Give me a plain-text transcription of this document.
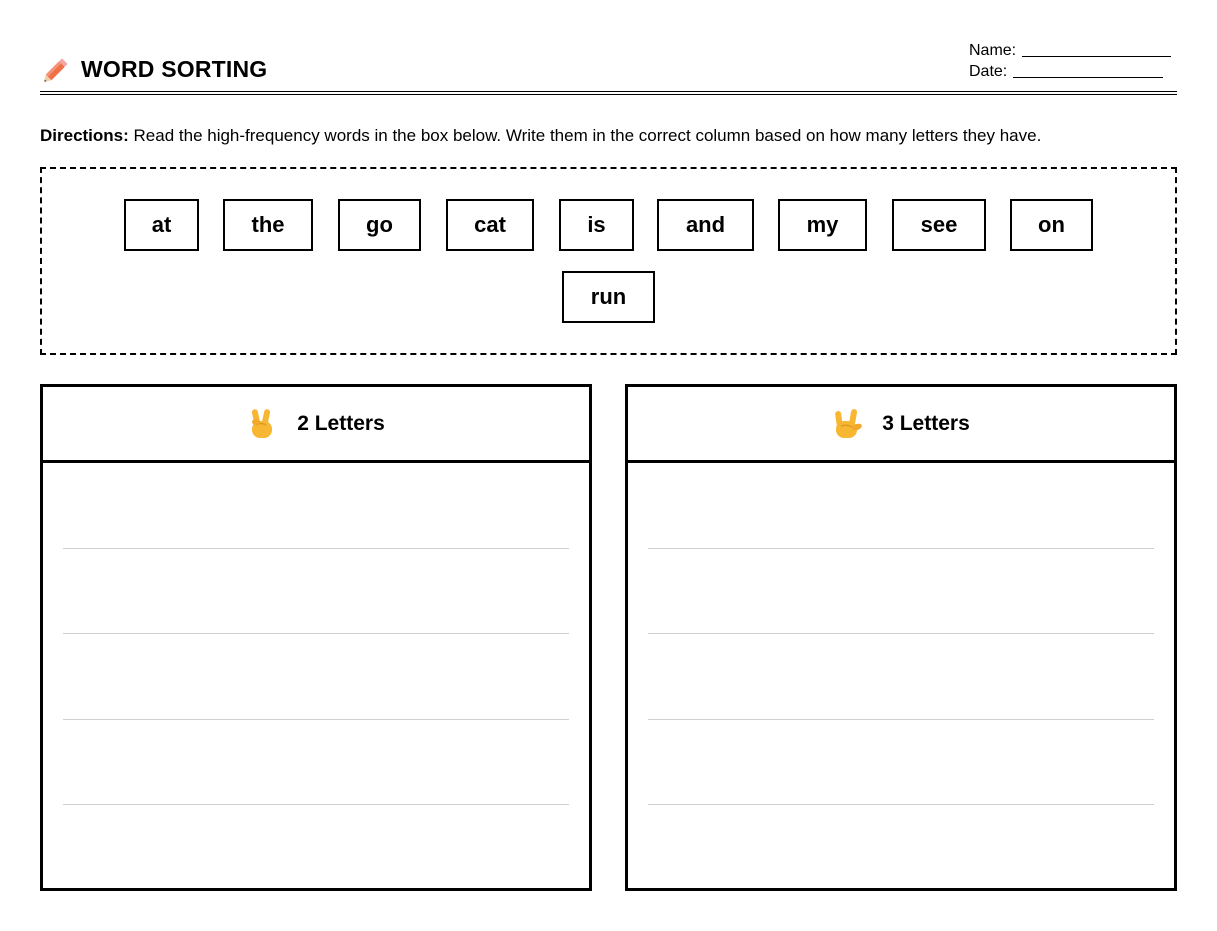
WORD SORTING
Name:
Date:
Directions: Read the high-frequency words in the box below. Write them in the correct column based on how many letters they have.
at	the	go	cat	is	and	my	see	on
run
2 Letters	3 Letters
